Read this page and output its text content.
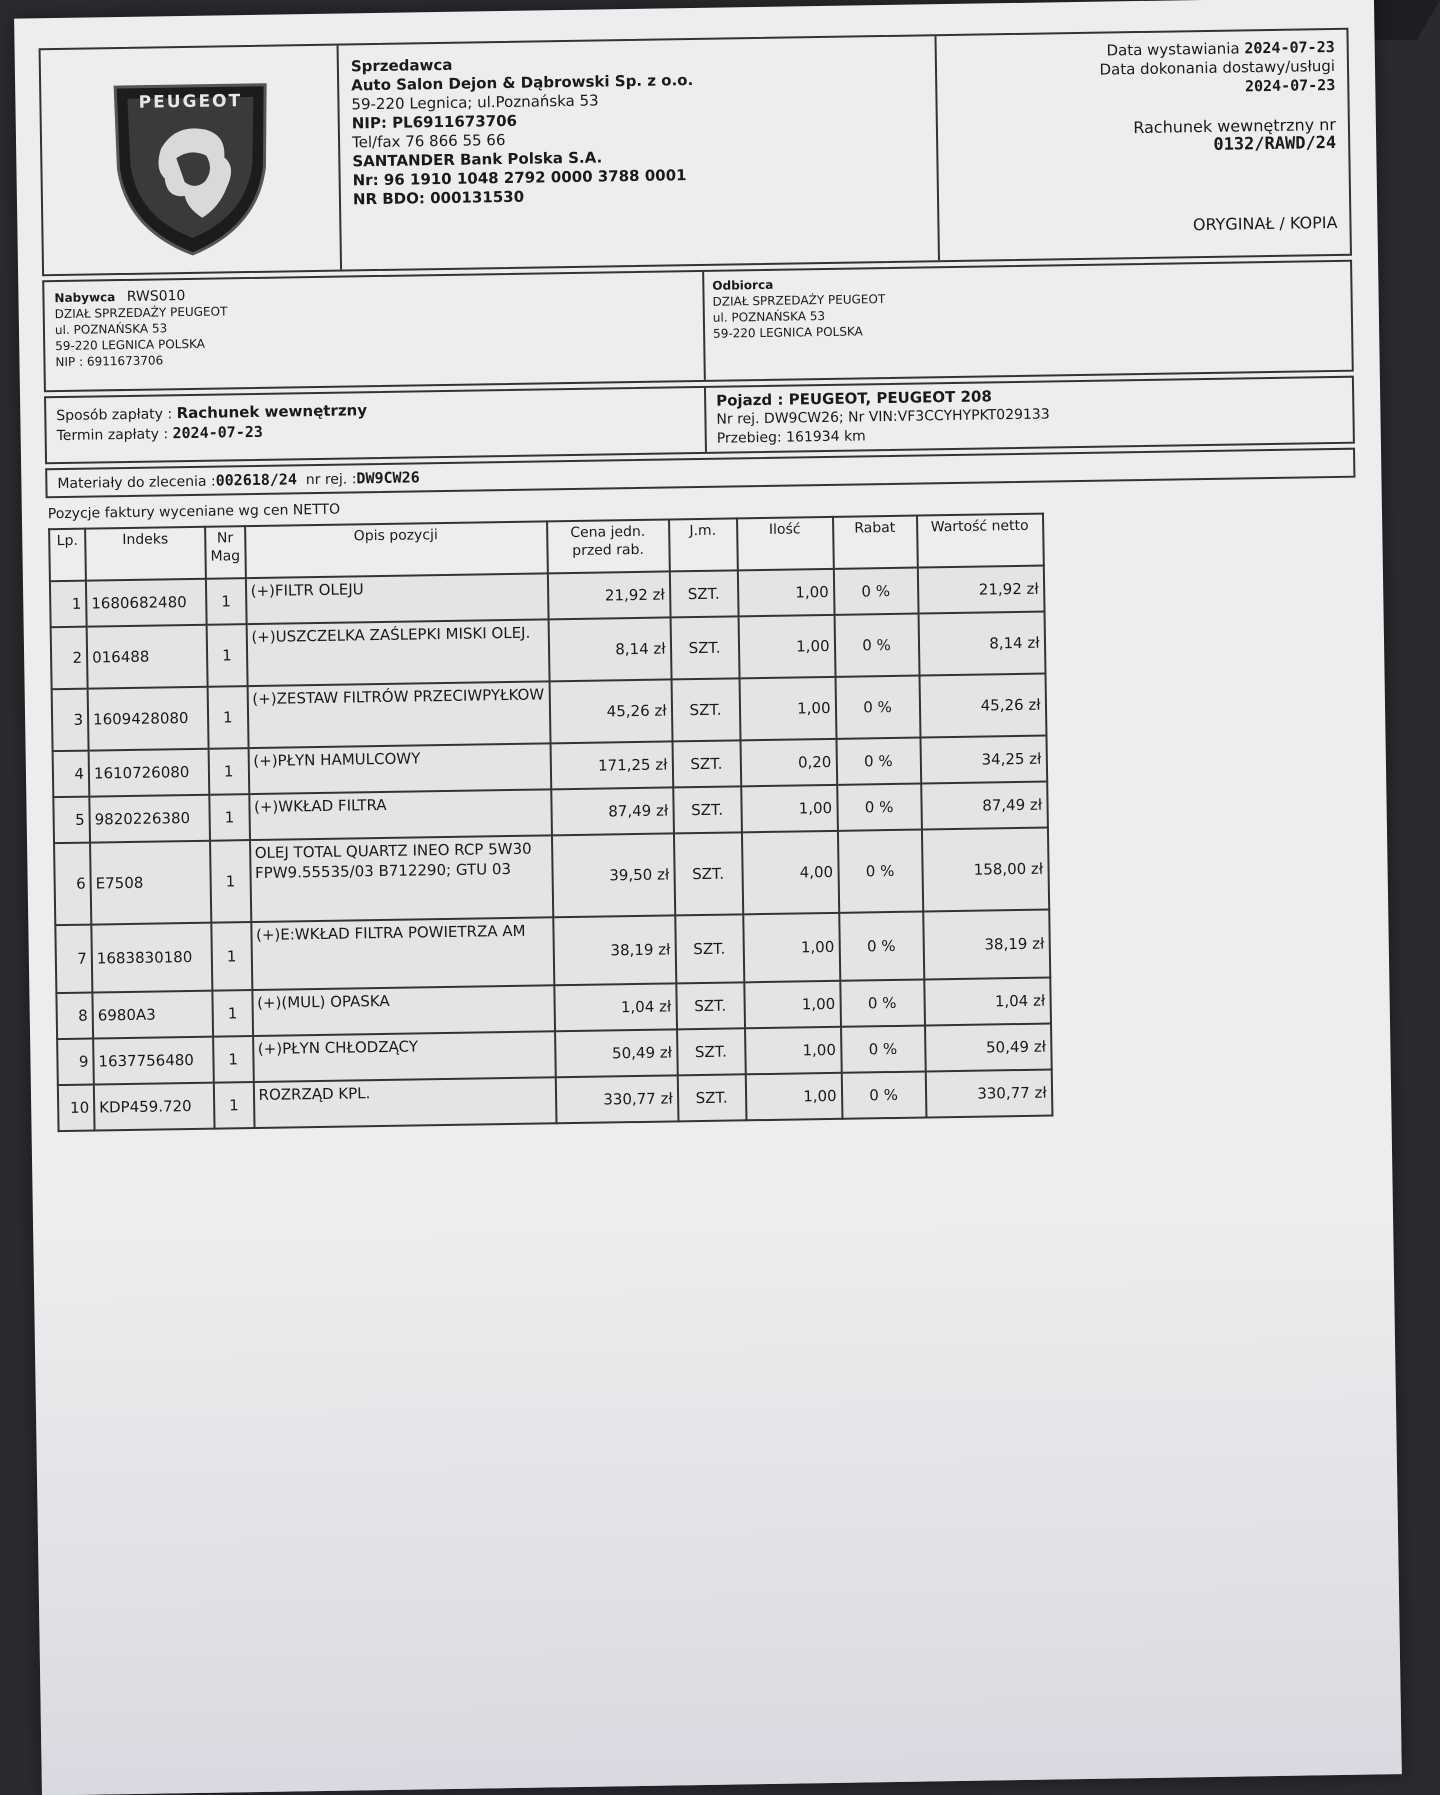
PEUGEOT
Sprzedawca
Auto Salon Dejon & Dąbrowski Sp. z o.o.
59-220 Legnica; ul.Poznańska 53
NIP: PL6911673706
Tel/fax 76 866 55 66
SANTANDER Bank Polska S.A.
Nr: 96 1910 1048 2792 0000 3788 0001
NR BDO: 000131530
Data wystawiania 2024-07-23
Data dokonania dostawy/usługi
2024-07-23
Rachunek wewnętrzny nr
0132/RAWD/24
ORYGINAŁ / KOPIA
Nabywca RWS010
DZIAŁ SPRZEDAŻY PEUGEOT
ul. POZNAŃSKA 53
59-220 LEGNICA POLSKA
NIP : 6911673706
Odbiorca
DZIAŁ SPRZEDAŻY PEUGEOT
ul. POZNAŃSKA 53
59-220 LEGNICA POLSKA
Sposób zapłaty : Rachunek wewnętrzny
Termin zapłaty : 2024-07-23
Pojazd : PEUGEOT, PEUGEOT 208
Nr rej. DW9CW26; Nr VIN:VF3CCYHYPKT029133
Przebieg: 161934 km
Materiały do zlecenia :002618/24 nr rej. :DW9CW26
Pozycje faktury wyceniane wg cen NETTO
Lp.	Indeks	Nr Mag	Opis pozycji	Cena jedn. przed rab.	J.m.	Ilość	Rabat	Wartość netto
1	1680682480	1	(+)FILTR OLEJU	21,92 zł	SZT.	1,00	0 %	21,92 zł
2	016488	1	(+)USZCZELKA ZAŚLEPKI MISKI OLEJ.	8,14 zł	SZT.	1,00	0 %	8,14 zł
3	1609428080	1	(+)ZESTAW FILTRÓW PRZECIWPYŁKOW	45,26 zł	SZT.	1,00	0 %	45,26 zł
4	1610726080	1	(+)PŁYN HAMULCOWY	171,25 zł	SZT.	0,20	0 %	34,25 zł
5	9820226380	1	(+)WKŁAD FILTRA	87,49 zł	SZT.	1,00	0 %	87,49 zł
6	E7508	1	OLEJ TOTAL QUARTZ INEO RCP 5W30 FPW9.55535/03 B712290; GTU 03	39,50 zł	SZT.	4,00	0 %	158,00 zł
7	1683830180	1	(+)E:WKŁAD FILTRA POWIETRZA AM	38,19 zł	SZT.	1,00	0 %	38,19 zł
8	6980A3	1	(+)(MUL) OPASKA	1,04 zł	SZT.	1,00	0 %	1,04 zł
9	1637756480	1	(+)PŁYN CHŁODZĄCY	50,49 zł	SZT.	1,00	0 %	50,49 zł
10	KDP459.720	1	ROZRZĄD KPL.	330,77 zł	SZT.	1,00	0 %	330,77 zł
